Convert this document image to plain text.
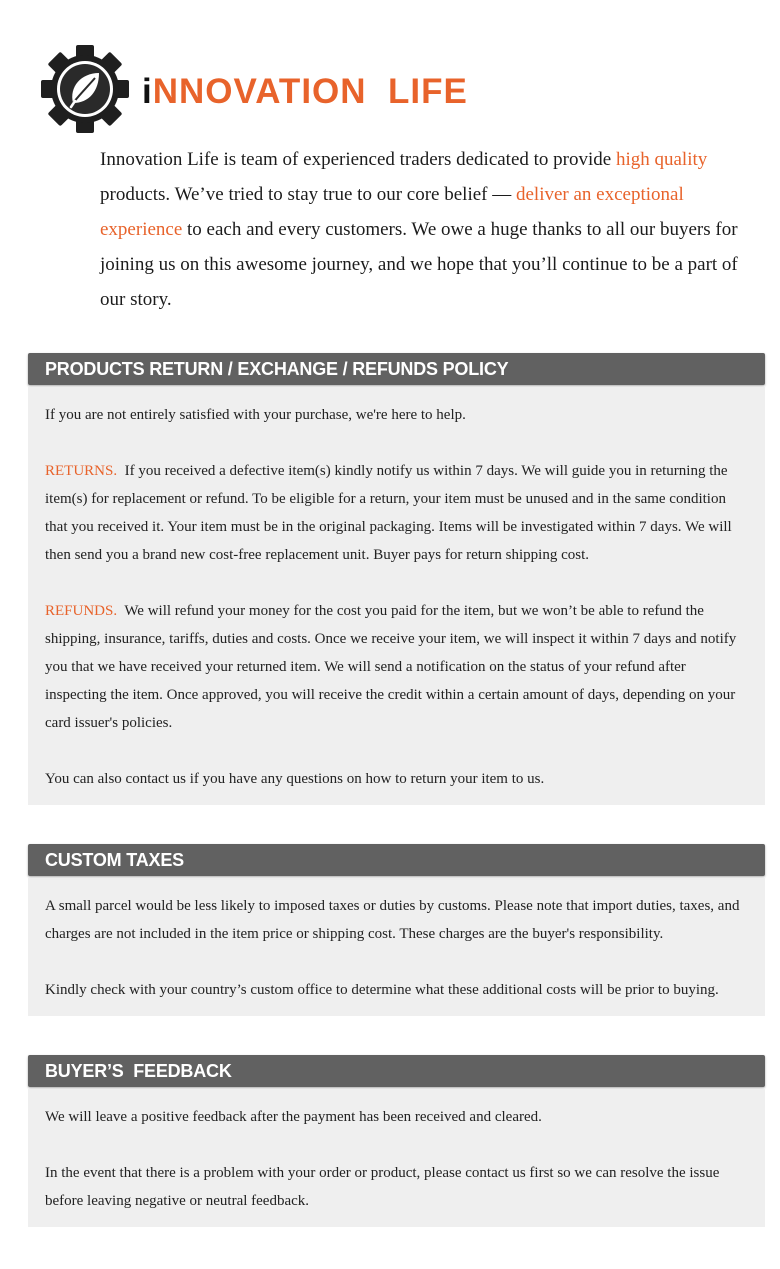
iNNOVATION  LIFE
Innovation Life is team of experienced traders dedicated to provide high quality products. We’ve tried to stay true to our core belief — deliver an exceptional experience to each and every customers. We owe a huge thanks to all our buyers for joining us on this awesome journey, and we hope that you’ll continue to be a part of our story.
PRODUCTS RETURN / EXCHANGE / REFUNDS POLICY

If you are not entirely satisfied with your purchase, we're here to help.

RETURNS.  If you received a defective item(s) kindly notify us within 7 days. We will guide you in returning the item(s) for replacement or refund. To be eligible for a return, your item must be unused and in the same condition that you received it. Your item must be in the original packaging. Items will be investigated within 7 days. We will then send you a brand new cost-free replacement unit. Buyer pays for return shipping cost.

REFUNDS.  We will refund your money for the cost you paid for the item, but we won’t be able to refund the shipping, insurance, tariffs, duties and costs. Once we receive your item, we will inspect it within 7 days and notify you that we have received your returned item. We will send a notification on the status of your refund after inspecting the item. Once approved, you will receive the credit within a certain amount of days, depending on your card issuer's policies.

You can also contact us if you have any questions on how to return your item to us.

CUSTOM TAXES

A small parcel would be less likely to imposed taxes or duties by customs. Please note that import duties, taxes, and charges are not included in the item price or shipping cost. These charges are the buyer's responsibility.

Kindly check with your country’s custom office to determine what these additional costs will be prior to buying.

BUYER’S  FEEDBACK

We will leave a positive feedback after the payment has been received and cleared.

In the event that there is a problem with your order or product, please contact us first so we can resolve the issue before leaving negative or neutral feedback.
